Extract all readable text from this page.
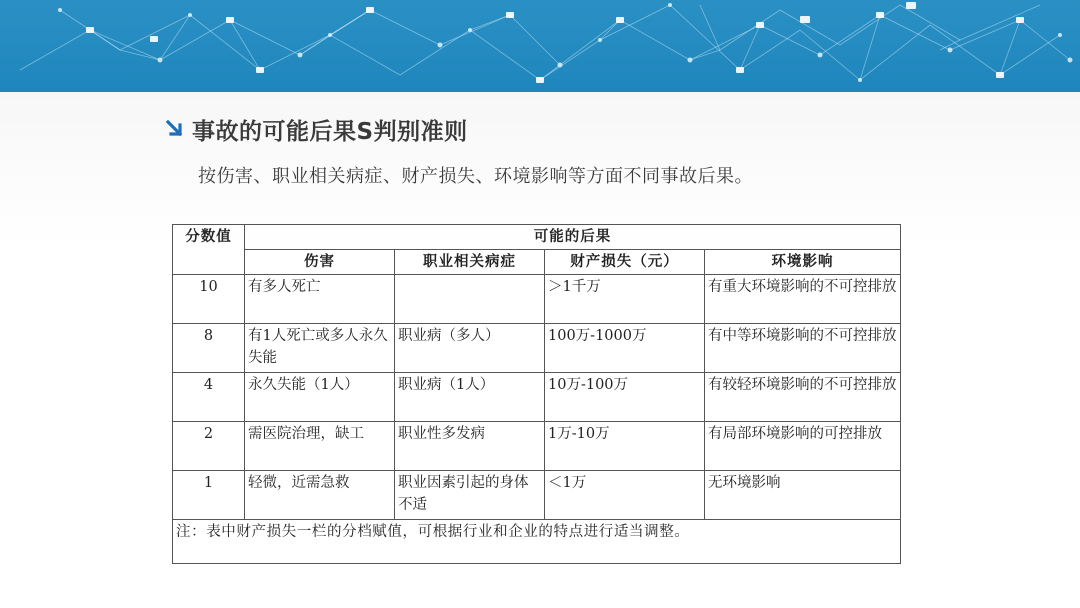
事故的可能后果S判别准则
按伤害、职业相关病症、财产损失、环境影响等方面不同事故后果。
分数值	可能的后果			
	伤害	职业相关病症	财产损失（元）	环境影响
10	有多人死亡		＞1千万	有重大环境影响的不可控排放
8	有1人死亡或多人永久失能	职业病（多人）	100万-1000万	有中等环境影响的不可控排放
4	永久失能（1人）	职业病（1人）	10万-100万	有较轻环境影响的不可控排放
2	需医院治理，缺工	职业性多发病	1万-10万	有局部环境影响的可控排放
1	轻微，近需急救	职业因素引起的身体不适	＜1万	无环境影响
注：表中财产损失一栏的分档赋值，可根据行业和企业的特点进行适当调整。				
